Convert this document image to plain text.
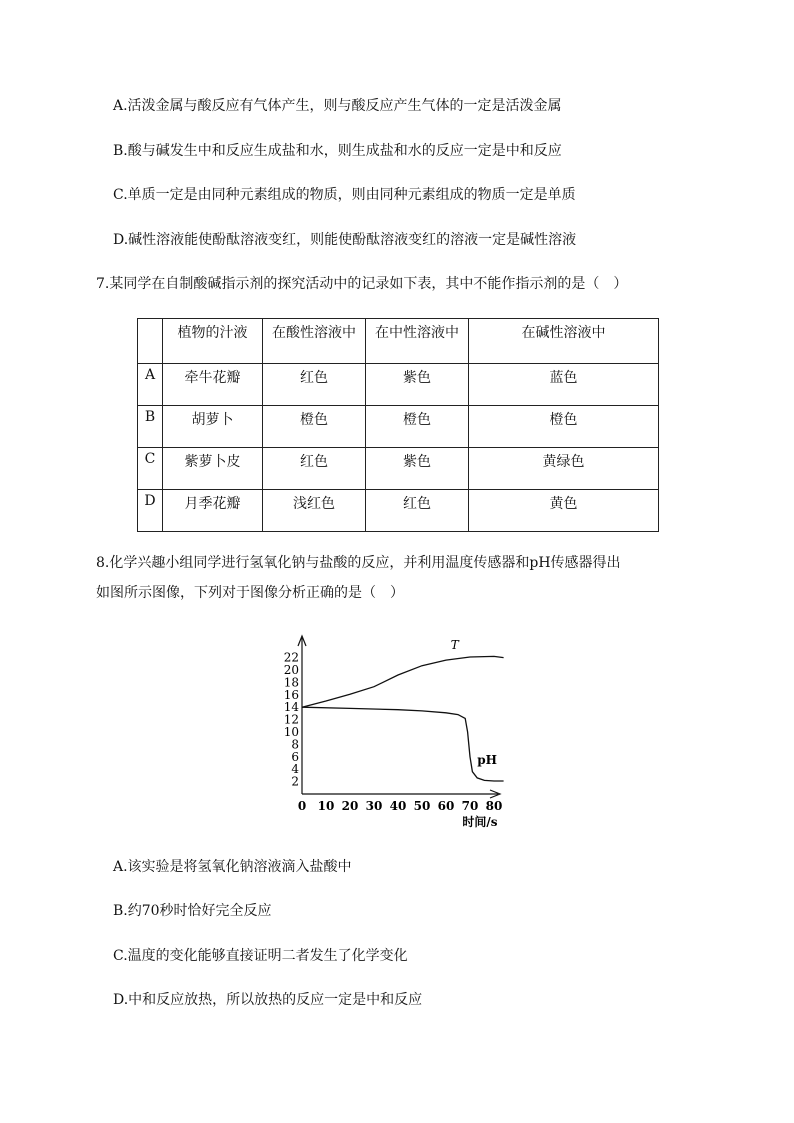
A.活泼金属与酸反应有气体产生，则与酸反应产生气体的一定是活泼金属
B.酸与碱发生中和反应生成盐和水，则生成盐和水的反应一定是中和反应
C.单质一定是由同种元素组成的物质，则由同种元素组成的物质一定是单质
D.碱性溶液能使酚酞溶液变红，则能使酚酞溶液变红的溶液一定是碱性溶液
7.某同学在自制酸碱指示剂的探究活动中的记录如下表，其中不能作指示剂的是（　）
	植物的汁液	在酸性溶液中	在中性溶液中	在碱性溶液中
A	牵牛花瓣	红色	紫色	蓝色
B	胡萝卜	橙色	橙色	橙色
C	紫萝卜皮	红色	紫色	黄绿色
D	月季花瓣	浅红色	红色	黄色
8.化学兴趣小组同学进行氢氧化钠与盐酸的反应，并利用温度传感器和pH传感器得出
如图所示图像，下列对于图像分析正确的是（　）
2
4
6
8
10
12
14
16
18
20
22
0 10 20 30 40 50 60 70 80
T
pH
时间/s
A.该实验是将氢氧化钠溶液滴入盐酸中
B.约70秒时恰好完全反应
C.温度的变化能够直接证明二者发生了化学变化
D.中和反应放热，所以放热的反应一定是中和反应
